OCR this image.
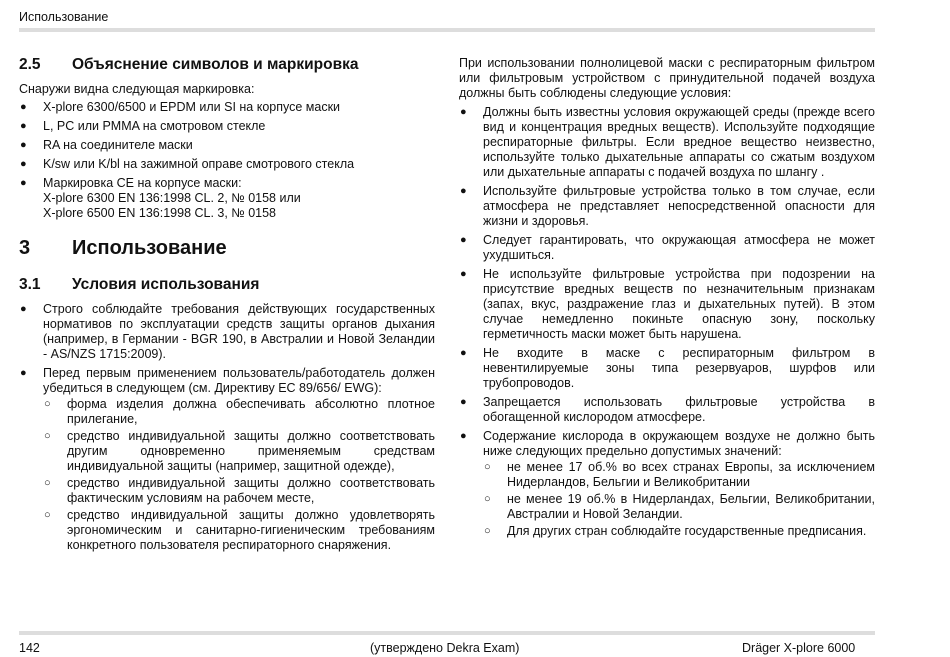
Использование
2.5	Объяснение символов и маркировка

Снаружи видна следующая маркировка:

● X-plore 6300/6500 и EPDM или SI на корпусе маски
● L, PC или PMMA на смотровом стекле
● RA на соединителе маски
● K/sw или K/bl на зажимной оправе смотрового стекла
● Маркировка CE на корпусе маски:
X-plore 6300 EN 136:1998 CL. 2, № 0158 или
X-plore 6500 EN 136:1998 CL. 3, № 0158
3	Использование
3.1	Условия использования
● Строго соблюдайте требования действующих государственных нормативов по эксплуатации средств защиты органов дыхания (например, в Германии - BGR 190, в Австралии и Новой Зеландии - AS/NZS 1715:2009).
● Перед первым применением пользователь/работодатель должен убедиться в следующем (см. Директиву ЕС 89/656/ EWG):
○ форма изделия должна обеспечивать абсолютно плотное прилегание,
○ средство индивидуальной защиты должно соответствовать другим одновременно применяемым средствам индивидуальной защиты (например, защитной одежде),
○ средство индивидуальной защиты должно соответствовать фактическим условиям на рабочем месте,
○ средство индивидуальной защиты должно удовлетворять эргономическим и санитарно-гигиеническим требованиям конкретного пользователя респираторного снаряжения.

При использовании полнолицевой маски с респираторным фильтром или фильтровым устройством с принудительной подачей воздуха должны быть соблюдены следующие условия:

● Должны быть известны условия окружающей среды (прежде всего вид и концентрация вредных веществ). Используйте подходящие респираторные фильтры. Если вредное вещество неизвестно, используйте только дыхательные аппараты со сжатым воздухом или дыхательные аппараты с подачей воздуха по шлангу .
● Используйте фильтровые устройства только в том случае, если атмосфера не представляет непосредственной опасности для жизни и здоровья.
● Следует гарантировать, что окружающая атмосфера не может ухудшиться.
● Не используйте фильтровые устройства при подозрении на присутствие вредных веществ по незначительным признакам (запах, вкус, раздражение глаз и дыхательных путей). В этом случае немедленно покиньте опасную зону, поскольку герметичность маски может быть нарушена.
● Не входите в маске с респираторным фильтром в невентилируемые зоны типа резервуаров, шурфов или трубопроводов.
● Запрещается использовать фильтровые устройства в обогащенной кислородом атмосфере.
● Содержание кислорода в окружающем воздухе не должно быть ниже следующих предельно допустимых значений:
○ не менее 17 об.% во всех странах Европы, за исключением Нидерландов, Бельгии и Великобритании
○ не менее 19 об.% в Нидерландах, Бельгии, Великобритании, Австралии и Новой Зеландии.
○ Для других стран соблюдайте государственные предписания.
142	(утверждено Dekra Exam)	Dräger X-plore 6000
